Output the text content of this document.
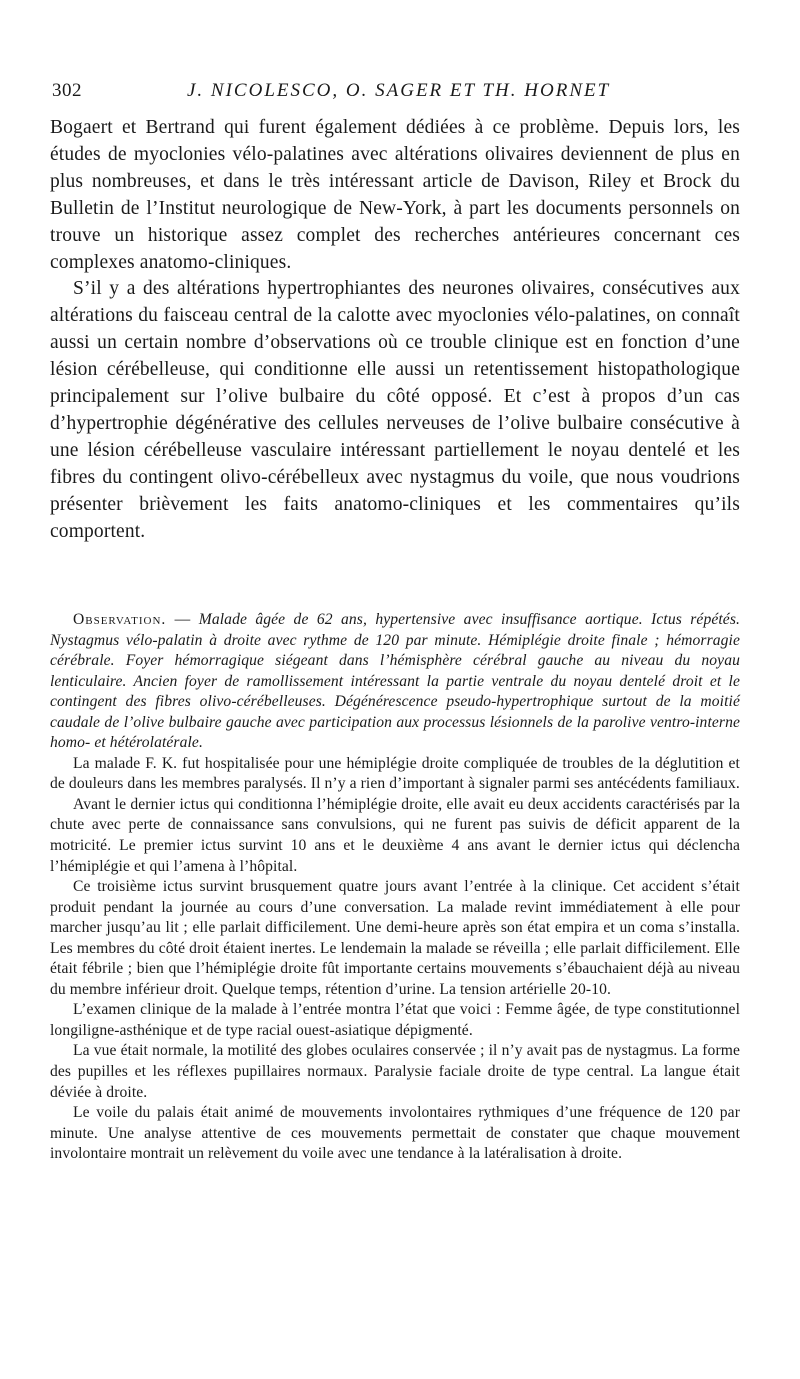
302	J. NICOLESCO, O. SAGER ET TH. HORNET

Bogaert et Bertrand qui furent également dédiées à ce problème. Depuis lors, les études de myoclonies vélo-palatines avec altérations olivaires deviennent de plus en plus nombreuses, et dans le très intéressant article de Davison, Riley et Brock du Bulletin de l’Institut neurologique de New-York, à part les documents personnels on trouve un historique assez complet des recherches antérieures concernant ces complexes anatomo-cliniques.

S’il y a des altérations hypertrophiantes des neurones olivaires, consécutives aux altérations du faisceau central de la calotte avec myoclonies vélo-palatines, on connaît aussi un certain nombre d’observations où ce trouble clinique est en fonction d’une lésion cérébelleuse, qui conditionne elle aussi un retentissement histopathologique principalement sur l’olive bulbaire du côté opposé. Et c’est à propos d’un cas d’hypertrophie dégénérative des cellules nerveuses de l’olive bulbaire consécutive à une lésion cérébelleuse vasculaire intéressant partiellement le noyau dentelé et les fibres du contingent olivo-cérébelleux avec nystagmus du voile, que nous voudrions présenter brièvement les faits anatomo-cliniques et les commentaires qu’ils comportent.

Observation. — Malade âgée de 62 ans, hypertensive avec insuffisance aortique. Ictus répétés. Nystagmus vélo-palatin à droite avec rythme de 120 par minute. Hémiplégie droite finale ; hémorragie cérébrale. Foyer hémorragique siégeant dans l’hémisphère cérébral gauche au niveau du noyau lenticulaire. Ancien foyer de ramollissement intéressant la partie ventrale du noyau dentelé droit et le contingent des fibres olivo-cérébelleuses. Dégénérescence pseudo-hypertrophique surtout de la moitié caudale de l’olive bulbaire gauche avec participation aux processus lésionnels de la parolive ventro-interne homo- et hétérolatérale.

La malade F. K. fut hospitalisée pour une hémiplégie droite compliquée de troubles de la déglutition et de douleurs dans les membres paralysés. Il n’y a rien d’important à signaler parmi ses antécédents familiaux.

Avant le dernier ictus qui conditionna l’hémiplégie droite, elle avait eu deux accidents caractérisés par la chute avec perte de connaissance sans convulsions, qui ne furent pas suivis de déficit apparent de la motricité. Le premier ictus survint 10 ans et le deuxième 4 ans avant le dernier ictus qui déclencha l’hémiplégie et qui l’amena à l’hôpital.

Ce troisième ictus survint brusquement quatre jours avant l’entrée à la clinique. Cet accident s’était produit pendant la journée au cours d’une conversation. La malade revint immédiatement à elle pour marcher jusqu’au lit ; elle parlait difficilement. Une demi-heure après son état empira et un coma s’installa. Les membres du côté droit étaient inertes. Le lendemain la malade se réveilla ; elle parlait difficilement. Elle était fébrile ; bien que l’hémiplégie droite fût importante certains mouvements s’ébauchaient déjà au niveau du membre inférieur droit. Quelque temps, rétention d’urine. La tension artérielle 20-10.

L’examen clinique de la malade à l’entrée montra l’état que voici : Femme âgée, de type constitutionnel longiligne-asthénique et de type racial ouest-asiatique dépigmenté.

La vue était normale, la motilité des globes oculaires conservée ; il n’y avait pas de nystagmus. La forme des pupilles et les réflexes pupillaires normaux. Paralysie faciale droite de type central. La langue était déviée à droite.

Le voile du palais était animé de mouvements involontaires rythmiques d’une fréquence de 120 par minute. Une analyse attentive de ces mouvements permettait de constater que chaque mouvement involontaire montrait un relèvement du voile avec une tendance à la latéralisation à droite.
